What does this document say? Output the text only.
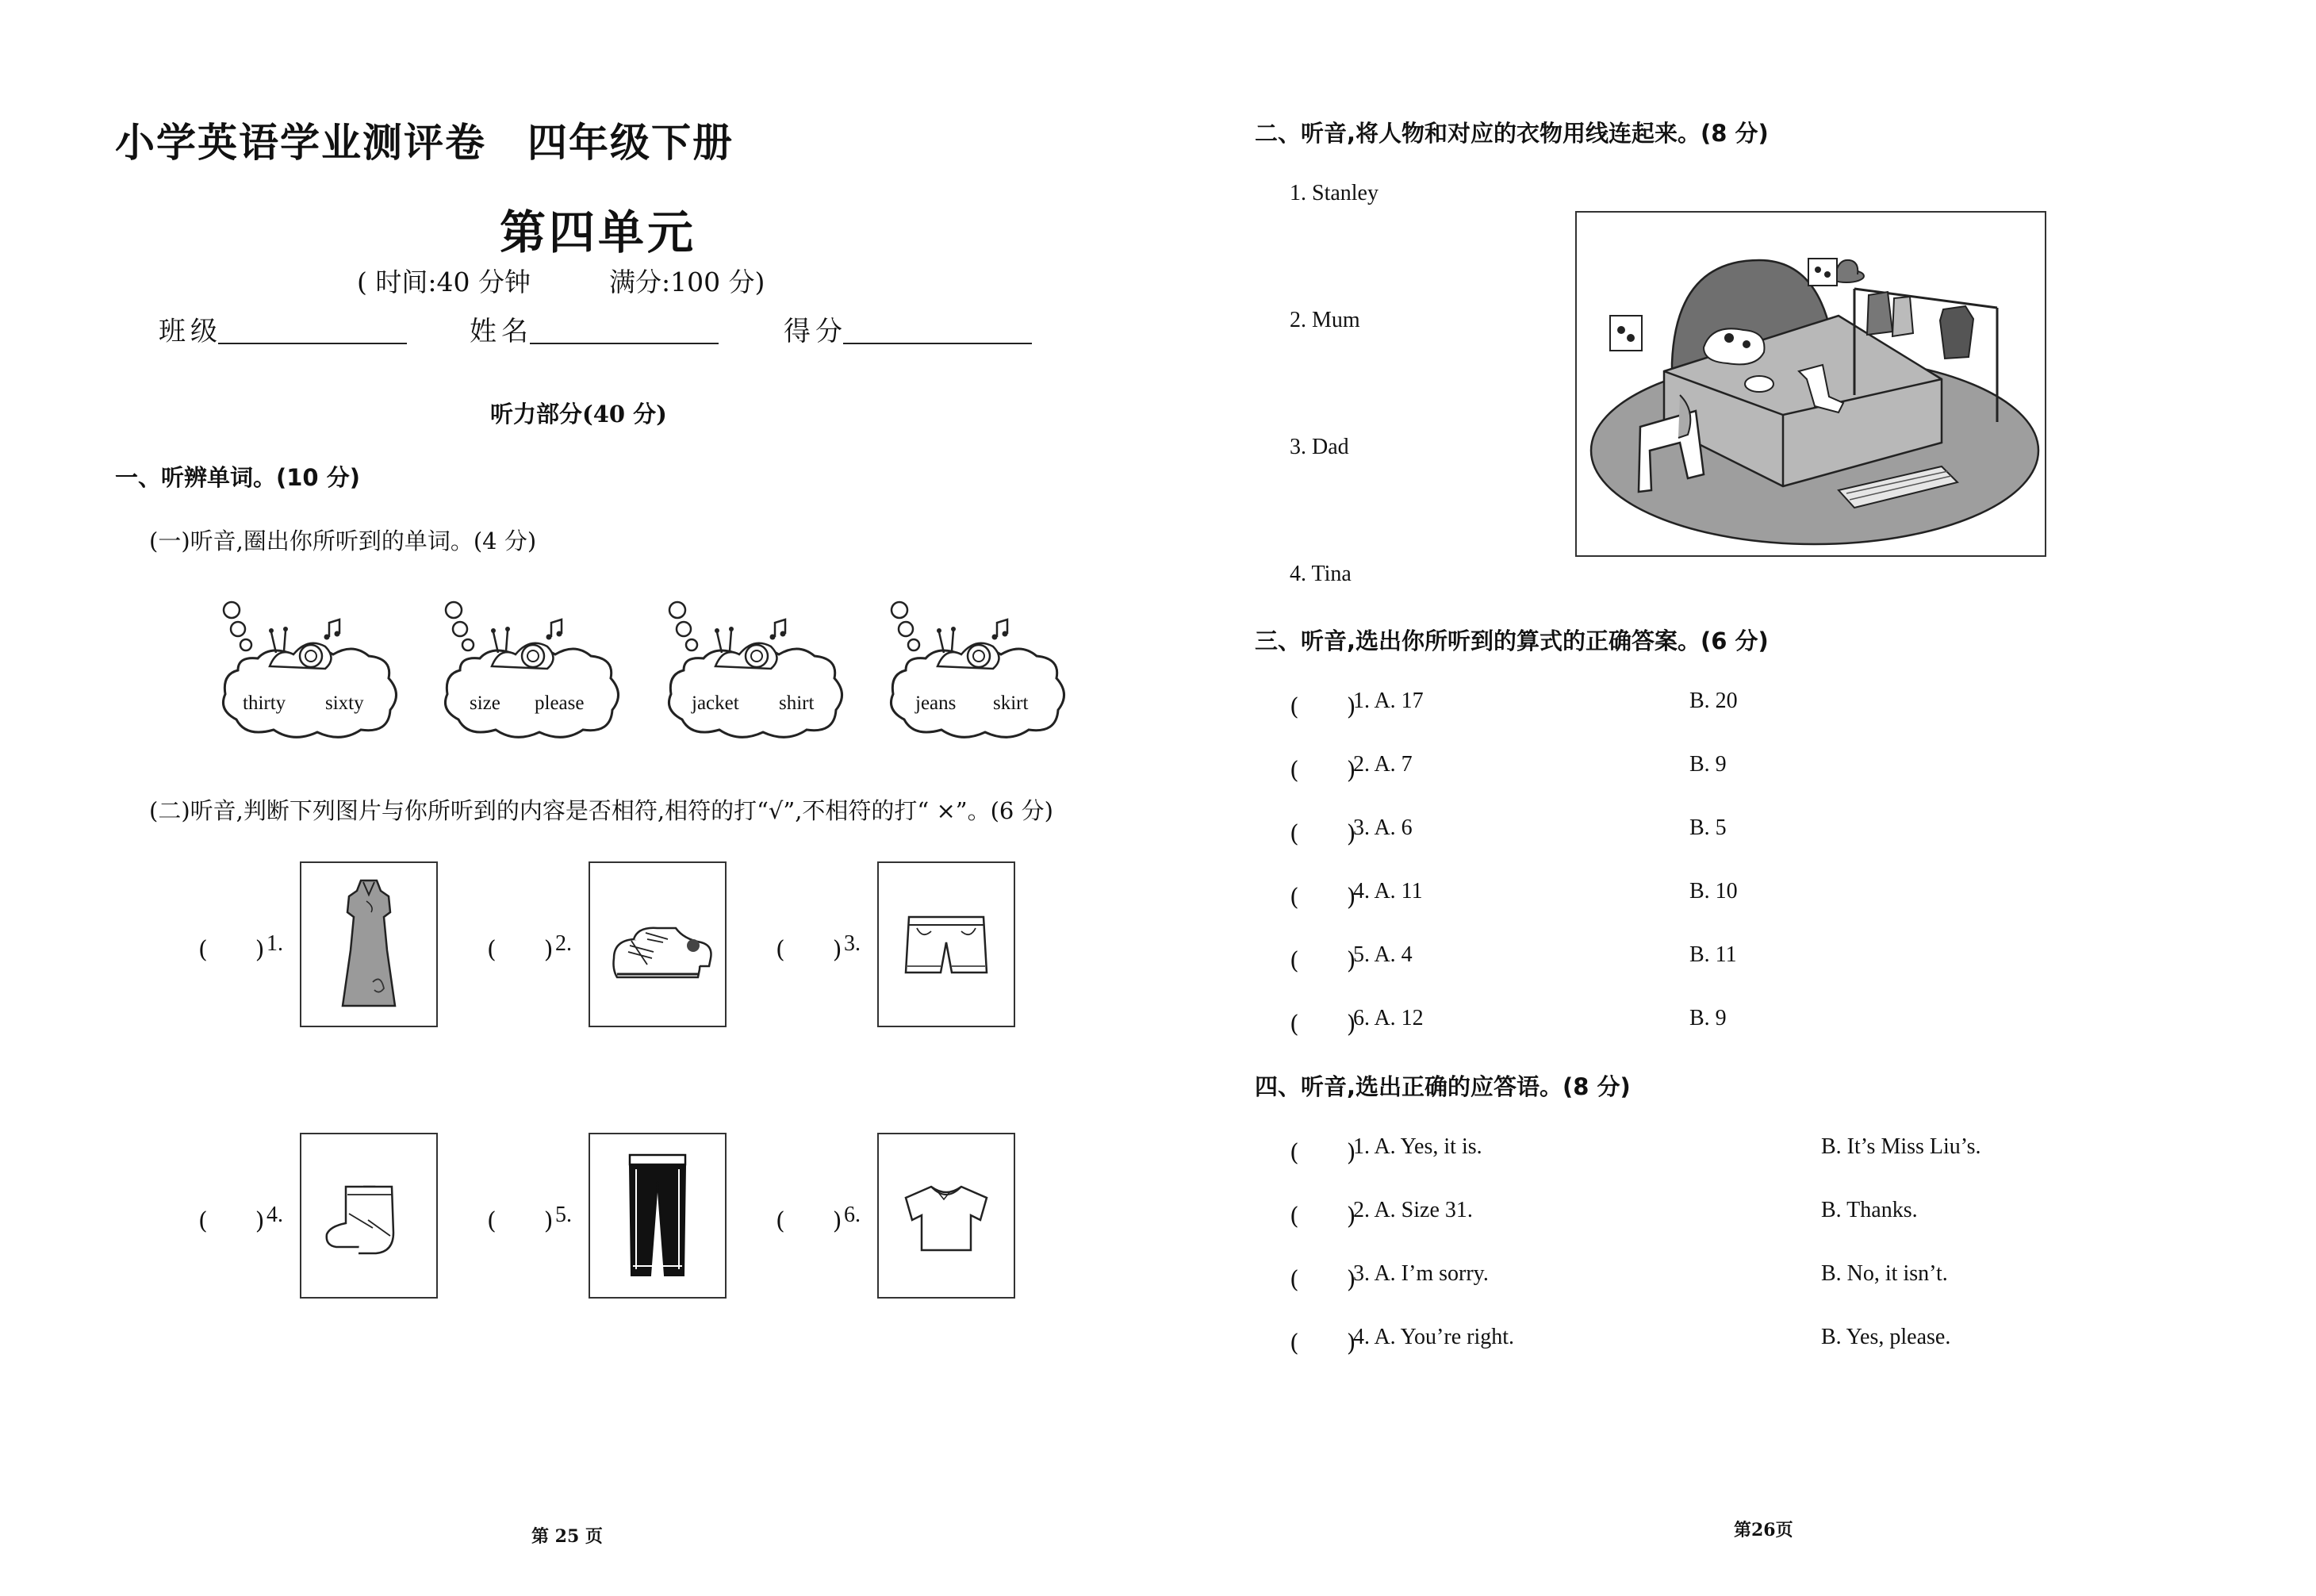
小学英语学业测评卷　四年级下册
第四单元
( 时间:40 分钟　　　满分:100 分)
班级	姓名	得分
听力部分(40 分)
一、听辨单词。(10 分)
(一)听音,圈出你所听到的单词。(4 分)
thirty sixty	size please	jacket shirt	jeans skirt
(二)听音,判断下列图片与你所听到的内容是否相符,相符的打“√”,不相符的打“ ×”。(6 分)
(　　) 1.	(　　) 2.	(　　) 3.
(　　) 4.	(　　) 5.	(　　) 6.
第 25 页
二、听音,将人物和对应的衣物用线连起来。(8 分)
1. Stanley
2. Mum
3. Dad
4. Tina
三、听音,选出你所听到的算式的正确答案。(6 分)
(　　)
1. A. 17	B. 20
(　　)
2. A. 7	B. 9
(　　)
3. A. 6	B. 5
(　　)
4. A. 11	B. 10
(　　)
5. A. 4	B. 11
(　　)
6. A. 12	B. 9
四、听音,选出正确的应答语。(8 分)
(　　)
1. A. Yes, it is.	B. It’s Miss Liu’s.
(　　)
2. A. Size 31.	B. Thanks.
(　　)
3. A. I’m sorry.	B. No, it isn’t.
(　　)
4. A. You’re right.	B. Yes, please.
第26页
